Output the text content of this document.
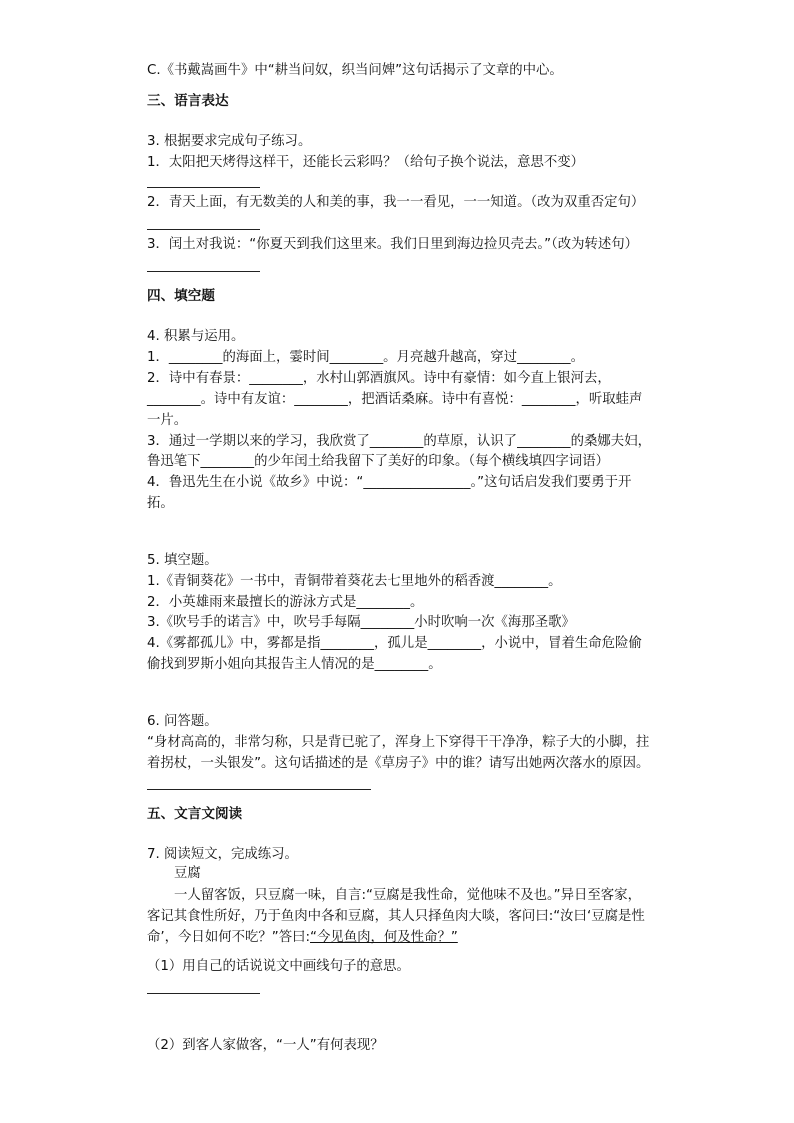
C.《书戴嵩画牛》中“耕当问奴，织当问婢”这句话揭示了文章的中心。
三、语言表达
3. 根据要求完成句子练习。
1．太阳把天烤得这样干，还能长云彩吗？（给句子换个说法，意思不变）
2．青天上面，有无数美的人和美的事，我一一看见，一一知道。（改为双重否定句）
3．闰土对我说：“你夏天到我们这里来。我们日里到海边捡贝壳去。”（改为转述句）
四、填空题
4. 积累与运用。
1．________的海面上，霎时间________。月亮越升越高，穿过________。
2．诗中有春景：________，水村山郭酒旗风。诗中有豪情：如今直上银河去，
________。诗中有友谊：________，把酒话桑麻。诗中有喜悦：________，听取蛙声
一片。
3．通过一学期以来的学习，我欣赏了________的草原，认识了________的桑娜夫妇，
鲁迅笔下________的少年闰土给我留下了美好的印象。（每个横线填四字词语）
4．鲁迅先生在小说《故乡》中说：“________________。”这句话启发我们要勇于开
拓。
5. 填空题。
1.《青铜葵花》一书中，青铜带着葵花去七里地外的稻香渡________。
2．小英雄雨来最擅长的游泳方式是________。
3.《吹号手的诺言》中，吹号手每隔________小时吹响一次《海那圣歌》
4.《雾都孤儿》中，雾都是指________，孤儿是________，小说中，冒着生命危险偷
偷找到罗斯小姐向其报告主人情况的是________。
6. 问答题。
“身材高高的，非常匀称，只是背已驼了，浑身上下穿得干干净净，粽子大的小脚，拄
着拐杖，一头银发”。这句话描述的是《草房子》中的谁？请写出她两次落水的原因。
五、文言文阅读
7. 阅读短文，完成练习。
豆腐
一人留客饭，只豆腐一味，自言:“豆腐是我性命，觉他味不及也。”异日至客家，
客记其食性所好，乃于鱼肉中各和豆腐，其人只择鱼肉大啖，客问曰:“汝曰‘豆腐是性
命’，今日如何不吃？”答曰:“今见鱼肉，何及性命？”
（1）用自己的话说说文中画线句子的意思。
（2）到客人家做客，“一人”有何表现？
